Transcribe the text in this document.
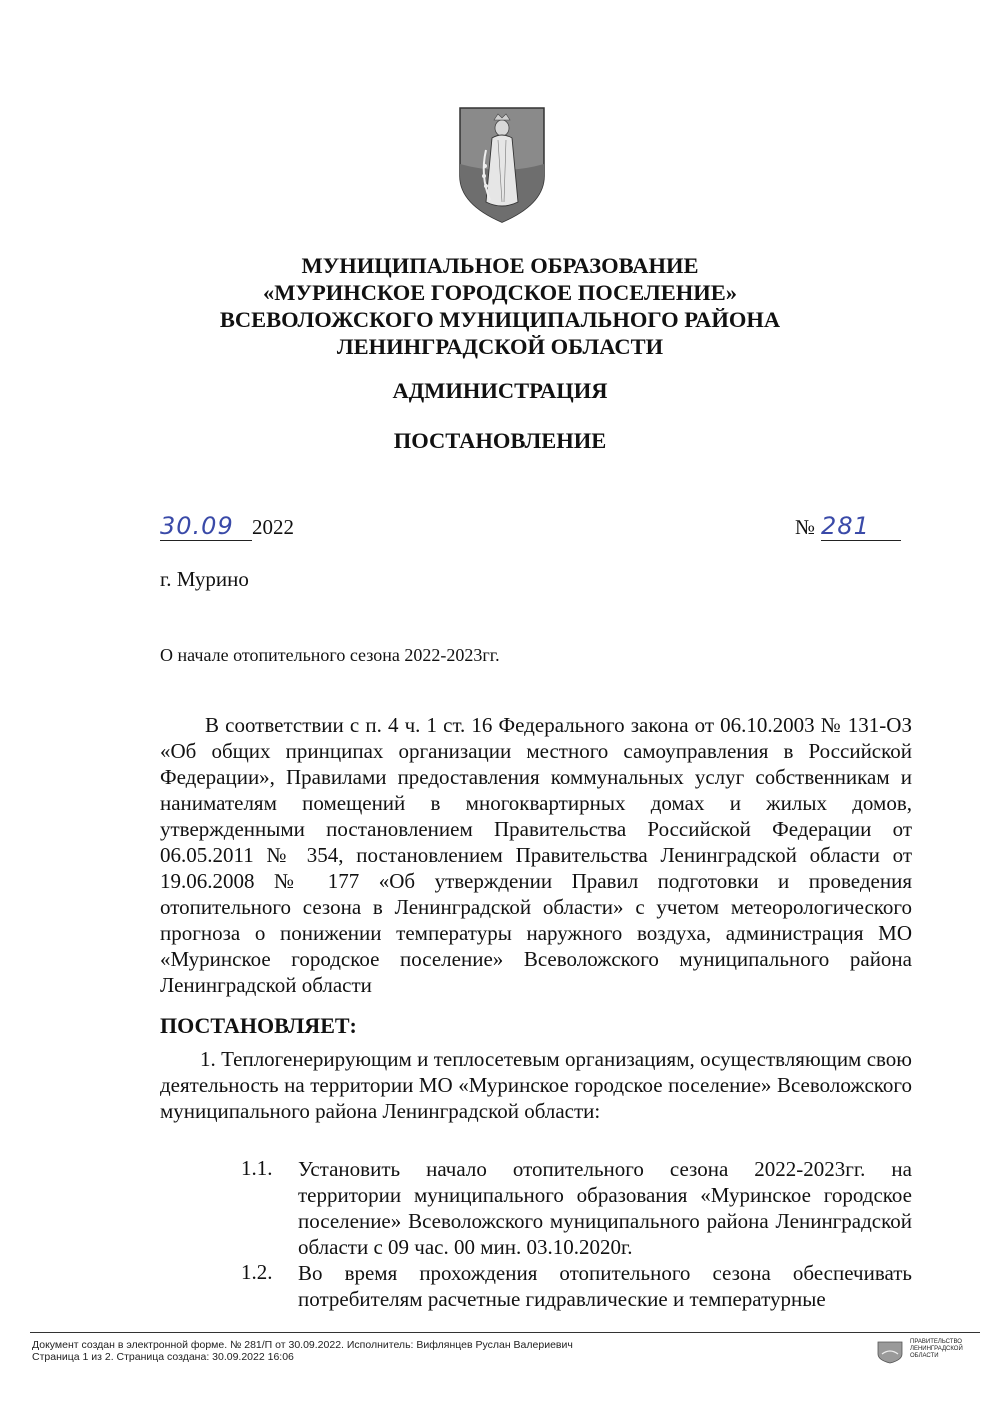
МУНИЦИПАЛЬНОЕ ОБРАЗОВАНИЕ
«МУРИНСКОЕ ГОРОДСКОЕ ПОСЕЛЕНИЕ»
ВСЕВОЛОЖСКОГО МУНИЦИПАЛЬНОГО РАЙОНА
ЛЕНИНГРАДСКОЙ ОБЛАСТИ
АДМИНИСТРАЦИЯ
ПОСТАНОВЛЕНИЕ
30.09 2022	№ 281
г. Мурино
О начале отопительного сезона 2022-2023гг.
В соответствии с п. 4 ч. 1 ст. 16 Федерального закона от 06.10.2003 № 131-ОЗ «Об общих принципах организации местного самоуправления в Российской Федерации», Правилами предоставления коммунальных услуг собственникам и нанимателям помещений в многоквартирных домах и жилых домов, утвержденными постановлением Правительства Российской Федерации от 06.05.2011 № 354, постановлением Правительства Ленинградской области от 19.06.2008 № 177 «Об утверждении Правил подготовки и проведения отопительного сезона в Ленинградской области» с учетом метеорологического прогноза о понижении температуры наружного воздуха, администрация МО «Муринское городское поселение» Всеволожского муниципального района Ленинградской области
ПОСТАНОВЛЯЕТ:
1. Теплогенерирующим и теплосетевым организациям, осуществляющим свою деятельность на территории МО «Муринское городское поселение» Всеволожского муниципального района Ленинградской области:
1.1. Установить начало отопительного сезона 2022-2023гг. на территории муниципального образования «Муринское городское поселение» Всеволожского муниципального района Ленинградской области с 09 час. 00 мин. 03.10.2020г.
1.2. Во время прохождения отопительного сезона обеспечивать потребителям расчетные гидравлические и температурные
Документ создан в электронной форме. № 281/П от 30.09.2022. Исполнитель: Вифлянцев Руслан Валериевич
Страница 1 из 2. Страница создана: 30.09.2022 16:06
ПРАВИТЕЛЬСТВО
ЛЕНИНГРАДСКОЙ
ОБЛАСТИ
